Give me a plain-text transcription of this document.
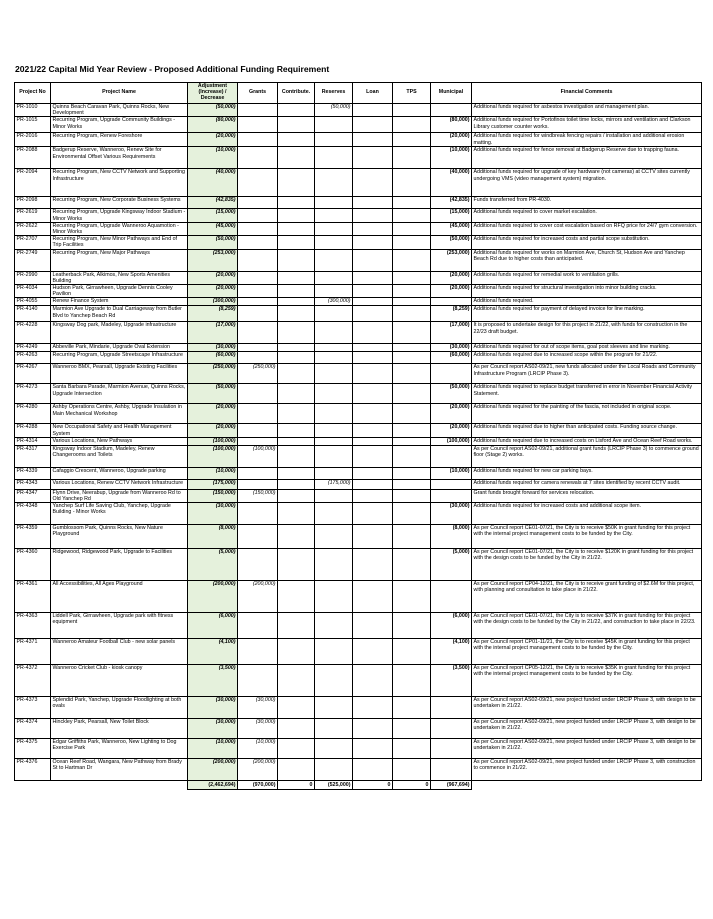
2021/22 Capital Mid Year Review - Proposed Additional Funding Requirement
Project No	Project Name	Adjustment (Increase) / Decrease	Grants	Contribute.	Reserves	Loan	TPS	Municipal	Financial Comments
PR-1010	Quinns Beach Caravan Park, Quinns Rocks, New Development	(50,000)			(50,000)				Additional funds required for asbestos investigation and management plan.
PR-1015	Recurring Program, Upgrade Community Buildings - Minor Works	(80,000)						(80,000)	Additional funds required for Portofinos toilet time locks, mirrors and ventilation and Clarkson Library customer counter works.
PR-2016	Recurring Program, Renew Foreshore	(20,000)						(20,000)	Additional funds required for windbreak fencing repairs / installation and additional erosion matting.
PR-2088	Badgerup Reserve, Wanneroo, Renew Site for Environmental Offset Various Requirements	(10,000)						(10,000)	Additional funds required for fence removal at Badgerup Reserve due to trapping fauna.
PR-2094	Recurring Program, New CCTV Network and Supporting Infrastructure	(40,000)						(40,000)	Additional funds required for upgrade of key hardware (not cameras) at CCTV sites currently undergoing VMS (video management system) migration.
PR-2098	Recurring Program, New Corporate Business Systems	(42,835)						(42,835)	Funds transferred from PR-4030.
PR-2619	Recurring Program, Upgrade Kingsway Indoor Stadium - Minor Works	(15,000)						(15,000)	Additional funds required to cover market escalation.
PR-2622	Recurring Program, Upgrade Wanneroo Aquamotion - Minor Works	(45,000)						(45,000)	Additional funds required to cover cost escalation based on RFQ price for 24/7 gym conversion.
PR-2707	Recurring Program, New Minor Pathways and End of Trip Facilities	(50,000)						(50,000)	Additional funds required for increased costs and partial scope substitution.
PR-2749	Recurring Program, New Major Pathways	(253,000)						(253,000)	Additional funds required for works on Marmion Ave, Church St, Hudson Ave and Yanchep Beach Rd due to higher costs than anticipated.
PR-2990	Leatherback Park, Alkimos, New Sports Amenities Building	(20,000)						(20,000)	Additional funds required for remedial work to ventilation grills.
PR-4034	Hudson Park, Girrawheen, Upgrade Dennis Cooley Pavilion	(20,000)						(20,000)	Additional funds required for structural investigation into minor building cracks.
PR-4055	Renew Finance System	(300,000)			(300,000)				Additional funds required.
PR-4140	Marmion Ave Upgrade to Dual Carriageway from Butler Blvd to Yanchep Beach Rd	(8,259)						(8,259)	Additional funds required for payment of delayed invoice for line marking.
PR-4228	Kingsway Dog park, Madeley, Upgrade infrastructure	(17,000)						(17,000)	It is proposed to undertake design for this project in 21/22, with funds for construction in the 22/23 draft budget.
PR-4249	Abbeville Park, Mindarie, Upgrade Oval Extension	(30,000)						(30,000)	Additional funds required for out of scope items, goal post sleeves and line marking.
PR-4263	Recurring Program, Upgrade Streetscape Infrastructure	(60,000)						(60,000)	Additional funds required due to increased scope within the program for 21/22.
PR-4267	Wanneroo BMX, Pearsall, Upgrade Existing Facilities	(250,000)	(250,000)						As per Council report AS02-09/21, new funds allocated under the Local Roads and Community Infrastructure Program (LRCIP Phase 3).
PR-4273	Santa Barbara Parade, Marmion Avenue, Quinns Rocks, Upgrade Intersection	(50,000)						(50,000)	Additional funds required to replace budget transferred in error in November Financial Activity Statement.
PR-4280	Ashby Operations Centre, Ashby, Upgrade Insulation in Main Mechanical Workshop	(20,000)						(20,000)	Additional funds required for the painting of the fascia, not included in original scope.
PR-4288	New Occupational Safety and Health Management System	(20,000)						(20,000)	Additional funds required due to higher than anticipated costs. Funding source change.
PR-4314	Various Locations, New Pathways	(100,000)						(100,000)	Additional funds required due to increased costs on Lisford Ave and Ocean Reef Road works.
PR-4317	Kingsway Indoor Stadium, Madeley, Renew Changerooms and Toilets	(100,000)	(100,000)						As per Council report AS02-09/21, additional grant funds (LRCIP Phase 3) to commence ground floor (Stage 2) works.
PR-4339	Cafaggio Crescent, Wanneroo, Upgrade parking	(10,000)						(10,000)	Additional funds required for new car parking bays.
PR-4343	Various Locations, Renew CCTV Network Infrastructure	(175,000)			(175,000)				Additional funds required for camera renewals at 7 sites identified by recent CCTV audit.
PR-4347	Flynn Drive, Neerabup, Upgrade from Wanneroo Rd to Old Yanchep Rd	(150,000)	(150,000)						Grant funds brought forward for services relocation.
PR-4348	Yanchep Surf Life Saving Club, Yanchep, Upgrade Building - Minor Works	(30,000)						(30,000)	Additional funds required for increased costs and additional scope item.
PR-4359	Gumblossom Park, Quinns Rocks, New Nature Playground	(8,000)						(8,000)	As per Council report CE01-07/21, the City is to receive $50K in grant funding for this project with the internal project management costs to be funded by the City.
PR-4360	Ridgewood, Ridgewood Park, Upgrade to Facilities	(5,000)						(5,000)	As per Council report CE01-07/21, the City is to receive $120K in grant funding for this project with the design costs to be funded by the City in 21/22.
PR-4361	All Accessibilities, All Ages Playground	(200,000)	(200,000)						As per Council report CP04-12/21, the City is to receive grant funding of $2.6M for this project, with planning and consultation to take place in 21/22.
PR-4363	Liddell Park, Girrawheen, Upgrade park with fitness equipment	(6,000)						(6,000)	As per Council report CE01-07/21, the City is to receive $37K in grant funding for this project with the design costs to be funded by the City in 21/22, and construction to take place in 22/23.
PR-4371	Wanneroo Amateur Football Club - new solar panels	(4,100)						(4,100)	As per Council report CP01-11/21, the City is to receive $45K in grant funding for this project with the internal project management costs to be funded by the City.
PR-4372	Wanneroo Cricket Club - kiosk canopy	(3,500)						(3,500)	As per Council report CP05-12/21, the City is to receive $35K in grant funding for this project with the internal project management costs to be funded by the City.
PR-4373	Splendid Park, Yanchep, Upgrade Floodlighting at both ovals	(30,000)	(30,000)						As per Council report AS02-09/21, new project funded under LRCIP Phase 3, with design to be undertaken in 21/22.
PR-4374	Hinckley Park, Pearsall, New Toilet Block	(30,000)	(30,000)						As per Council report AS02-09/21, new project funded under LRCIP Phase 3, with design to be undertaken in 21/22.
PR-4375	Edgar Griffiths Park, Wanneroo, New Lighting to Dog Exercise Park	(10,000)	(10,000)						As per Council report AS02-09/21, new project funded under LRCIP Phase 3, with design to be undertaken in 21/22.
PR-4376	Ocean Reef Road, Wangara, New Pathway from Brady St to Hartman Dr	(200,000)	(200,000)						As per Council report AS02-09/21, new project funded under LRCIP Phase 3, with construction to commence in 21/22.
		(2,462,694)	(970,000)	0	(525,000)	0	0	(967,694)	
